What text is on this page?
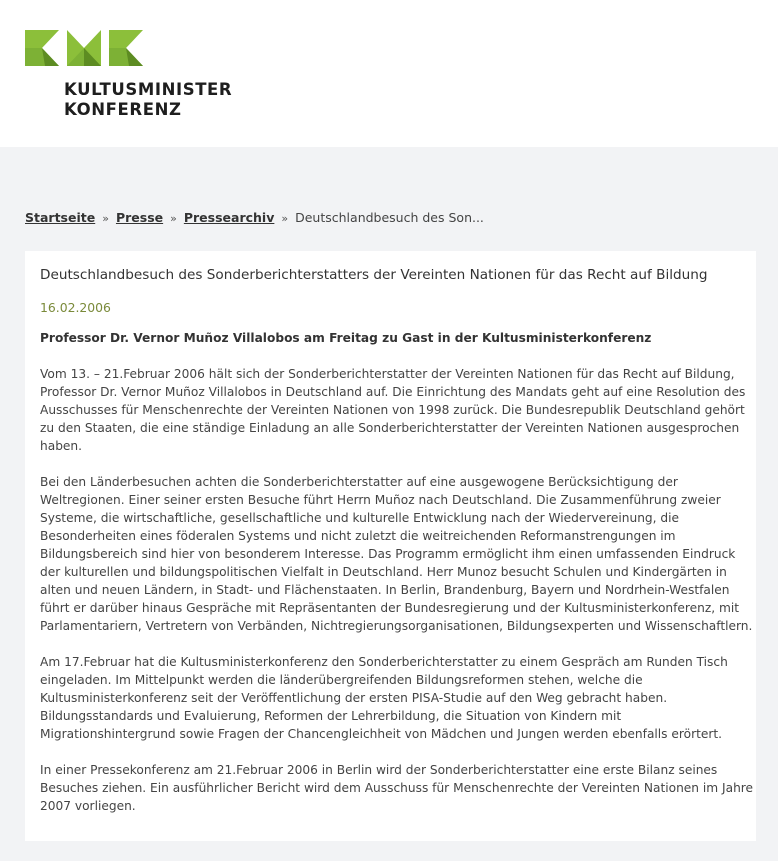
KULTUSMINISTER
KONFERENZ
Startseite » Presse » Pressearchiv » Deutschlandbesuch des Son...
Deutschlandbesuch des Sonderberichterstatters der Vereinten Nationen für das Recht auf Bildung
16.02.2006
Professor Dr. Vernor Muñoz Villalobos am Freitag zu Gast in der Kultusministerkonferenz

Vom 13. – 21.Februar 2006 hält sich der Sonderberichterstatter der Vereinten Nationen für das Recht auf Bildung,
Professor Dr. Vernor Muñoz Villalobos in Deutschland auf. Die Einrichtung des Mandats geht auf eine Resolution des
Ausschusses für Menschenrechte der Vereinten Nationen von 1998 zurück. Die Bundesrepublik Deutschland gehört
zu den Staaten, die eine ständige Einladung an alle Sonderberichterstatter der Vereinten Nationen ausgesprochen
haben.

Bei den Länderbesuchen achten die Sonderberichterstatter auf eine ausgewogene Berücksichtigung der
Weltregionen. Einer seiner ersten Besuche führt Herrn Muñoz nach Deutschland. Die Zusammenführung zweier
Systeme, die wirtschaftliche, gesellschaftliche und kulturelle Entwicklung nach der Wiedervereinung, die
Besonderheiten eines föderalen Systems und nicht zuletzt die weitreichenden Reformanstrengungen im
Bildungsbereich sind hier von besonderem Interesse. Das Programm ermöglicht ihm einen umfassenden Eindruck
der kulturellen und bildungspolitischen Vielfalt in Deutschland. Herr Munoz besucht Schulen und Kindergärten in
alten und neuen Ländern, in Stadt- und Flächenstaaten. In Berlin, Brandenburg, Bayern und Nordrhein-Westfalen
führt er darüber hinaus Gespräche mit Repräsentanten der Bundesregierung und der Kultusministerkonferenz, mit
Parlamentariern, Vertretern von Verbänden, Nichtregierungsorganisationen, Bildungsexperten und Wissenschaftlern.

Am 17.Februar hat die Kultusministerkonferenz den Sonderberichterstatter zu einem Gespräch am Runden Tisch
eingeladen. Im Mittelpunkt werden die länderübergreifenden Bildungsreformen stehen, welche die
Kultusministerkonferenz seit der Veröffentlichung der ersten PISA-Studie auf den Weg gebracht haben.
Bildungsstandards und Evaluierung, Reformen der Lehrerbildung, die Situation von Kindern mit
Migrationshintergrund sowie Fragen der Chancengleichheit von Mädchen und Jungen werden ebenfalls erörtert.

In einer Pressekonferenz am 21.Februar 2006 in Berlin wird der Sonderberichterstatter eine erste Bilanz seines
Besuches ziehen. Ein ausführlicher Bericht wird dem Ausschuss für Menschenrechte der Vereinten Nationen im Jahre
2007 vorliegen.
